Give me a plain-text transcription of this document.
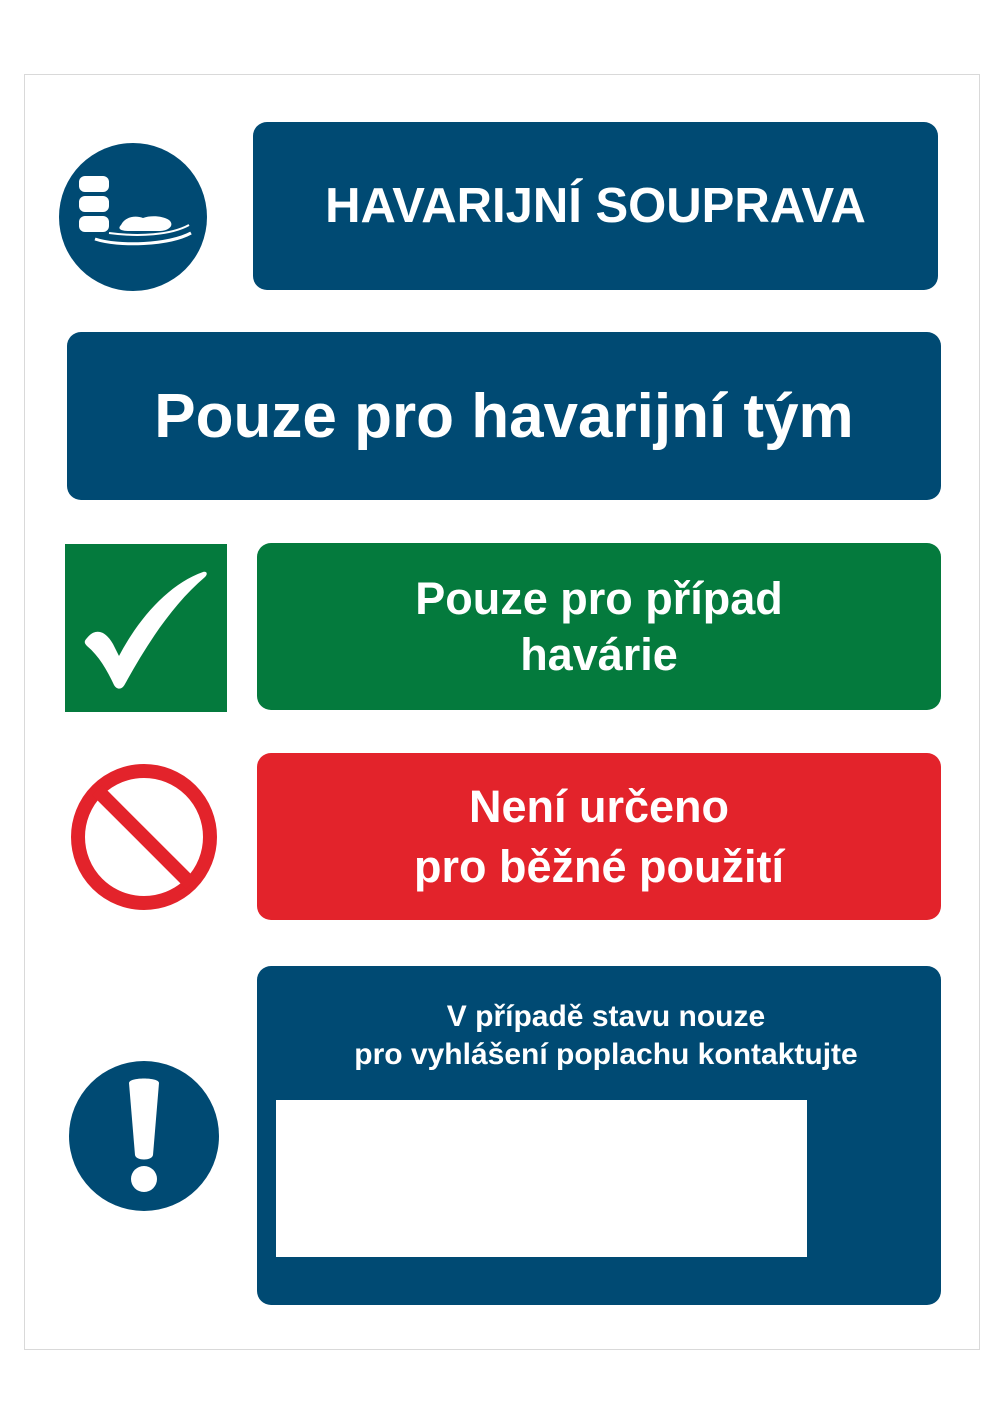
HAVARIJNÍ SOUPRAVA
Pouze pro havarijní tým
Pouze pro případ
havárie
Není určeno
pro běžné použití
V případě stavu nouze
pro vyhlášení poplachu kontaktujte
